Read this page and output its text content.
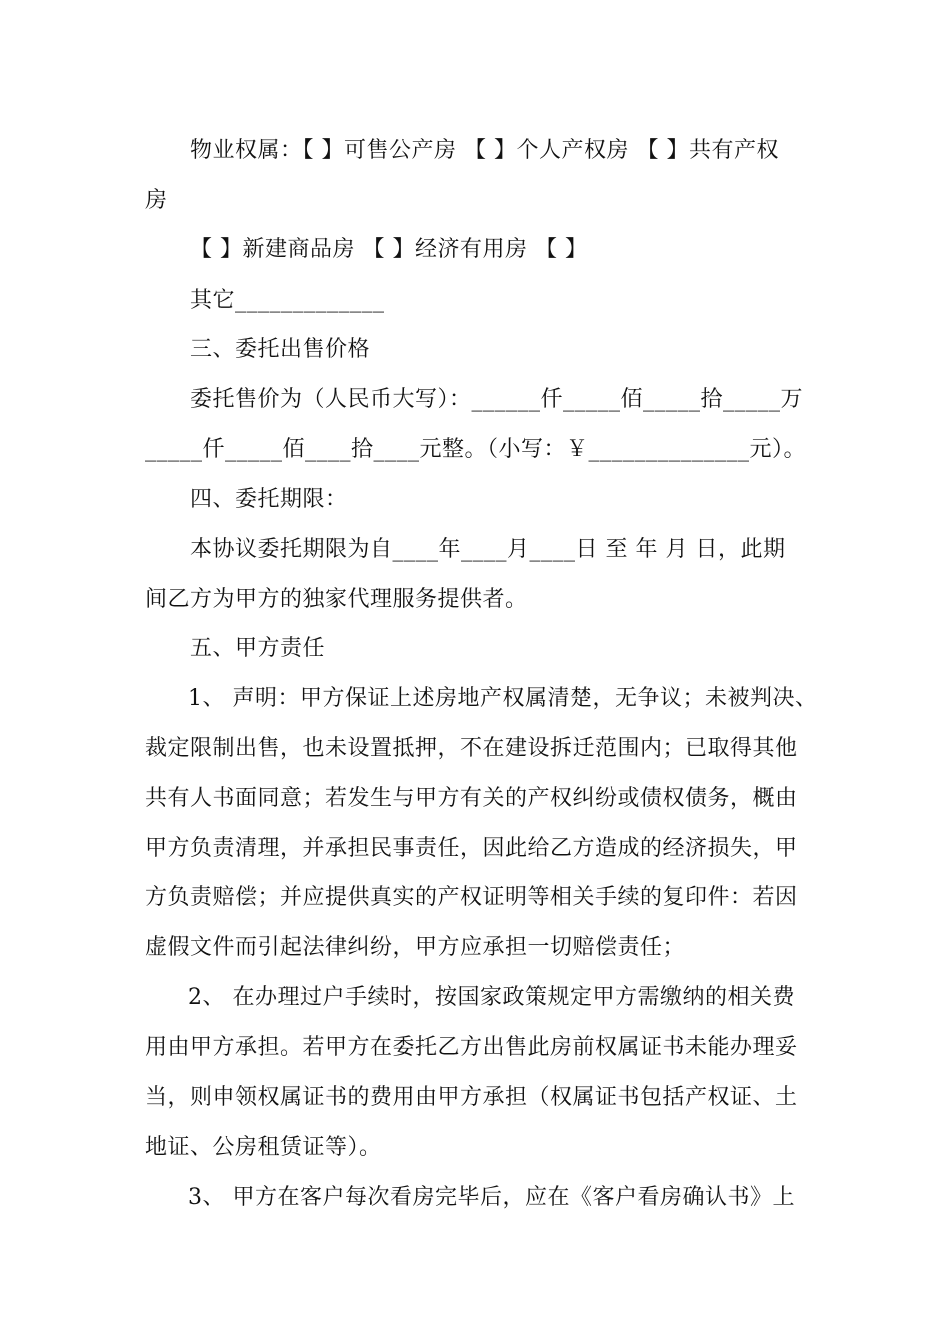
物业权属：【 】可售公产房 【 】个人产权房 【 】共有产权
房
【 】新建商品房 【 】经济有用房 【 】
其它_____________
三、委托出售价格
委托售价为（人民币大写）：______仟_____佰_____拾_____万
_____仟_____佰____拾____元整。（小写：￥______________元）。
四、委托期限：
本协议委托期限为自____年____月____日 至 年 月 日，此期
间乙方为甲方的独家代理服务提供者。
五、甲方责任
1、 声明：甲方保证上述房地产权属清楚，无争议；未被判决、
裁定限制出售，也未设置抵押，不在建设拆迁范围内；已取得其他
共有人书面同意；若发生与甲方有关的产权纠纷或债权债务，概由
甲方负责清理，并承担民事责任，因此给乙方造成的经济损失，甲
方负责赔偿；并应提供真实的产权证明等相关手续的复印件：若因
虚假文件而引起法律纠纷，甲方应承担一切赔偿责任；
2、 在办理过户手续时，按国家政策规定甲方需缴纳的相关费
用由甲方承担。若甲方在委托乙方出售此房前权属证书未能办理妥
当，则申领权属证书的费用由甲方承担（权属证书包括产权证、土
地证、公房租赁证等）。
3、 甲方在客户每次看房完毕后，应在《客户看房确认书》上
